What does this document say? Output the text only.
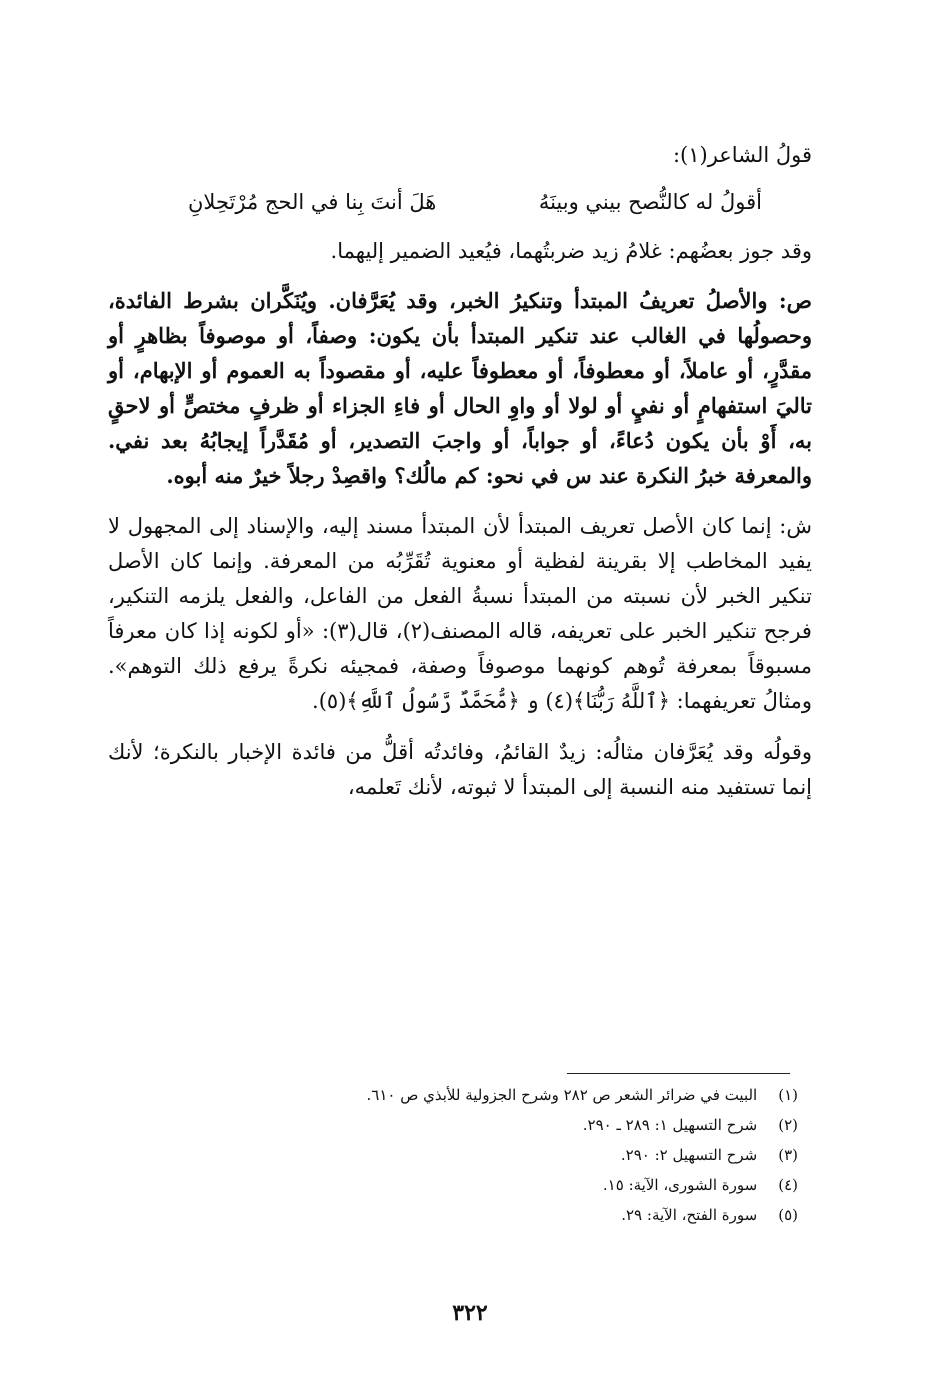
قولُ الشاعر(١):

أقولُ له كالنُّصح بيني وبينَهُ
هَلَ أنتَ بِنا في الحج مُرْتَحِلانِ

وقد جوز بعضُهم: غلامُ زيد ضربتُهما، فيُعيد الضمير إليهما.

ص: والأصلُ تعريفُ المبتدأ وتنكيرُ الخبر، وقد يُعَرَّفان. ويُنَكَّران بشرط الفائدة، وحصولُها في الغالب عند تنكير المبتدأ بأن يكون: وصفاً، أو موصوفاً بظاهرٍ أو مقدَّرٍ، أو عاملاً، أو معطوفاً، أو معطوفاً عليه، أو مقصوداً به العموم أو الإبهام، أو تاليَ استفهامٍ أو نفيٍ أو لولا أو واوِ الحال أو فاءِ الجزاء أو ظرفٍ مختصٍّ أو لاحقٍ به، أَوْ بأن يكون دُعاءً، أو جواباً، أو واجبَ التصدير، أو مُقَدَّراً إيجابُهُ بعد نفي. والمعرفة خبرُ النكرة عند س في نحو: كم مالُك؟ واقصِدْ رجلاً خيرٌ منه أبوه.

ش: إنما كان الأصل تعريف المبتدأ لأن المبتدأ مسند إليه، والإسناد إلى المجهول لا يفيد المخاطب إلا بقرينة لفظية أو معنوية تُقَرِّبُه من المعرفة. وإنما كان الأصل تنكير الخبر لأن نسبته من المبتدأ نسبةُ الفعل من الفاعل، والفعل يلزمه التنكير، فرجح تنكير الخبر على تعريفه، قاله المصنف(٢)، قال(٣): «أو لكونه إذا كان معرفاً مسبوقاً بمعرفة تُوهم كونهما موصوفاً وصفة، فمجيئه نكرةً يرفع ذلك التوهم». ومثالُ تعريفهما: ﴿ٱللَّهُ رَبُّنَا﴾(٤) و ﴿مُّحَمَّدٌ رَّسُولُ ٱللَّهِ﴾(٥).

وقولُه وقد يُعَرَّفان مثالُه: زيدٌ القائمُ، وفائدتُه أقلُّ من فائدة الإخبار بالنكرة؛ لأنك إنما تستفيد منه النسبة إلى المبتدأ لا ثبوته، لأنك تَعلمه،

(١) البيت في ضرائر الشعر ص ٢٨٢ وشرح الجزولية للأبذي ص ٦١٠.
(٢) شرح التسهيل ١: ٢٨٩ ـ ٢٩٠.
(٣) شرح التسهيل ٢: ٢٩٠.
(٤) سورة الشورى، الآية: ١٥.
(٥) سورة الفتح، الآية: ٢٩.
٣٢٢
